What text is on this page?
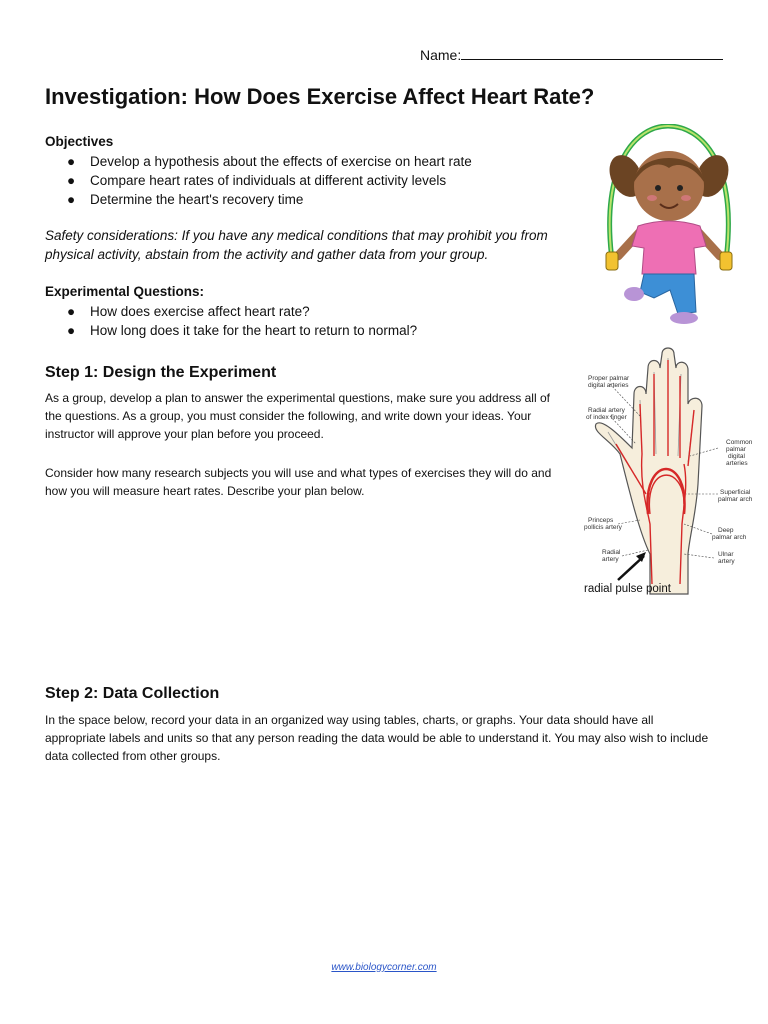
Name:
Investigation: How Does Exercise Affect Heart Rate?

Objectives

● Develop a hypothesis about the effects of exercise on heart rate
● Compare heart rates of individuals at different activity levels
● Determine the heart's recovery time

Safety considerations: If you have any medical conditions that may prohibit you from physical activity, abstain from the activity and gather data from your group.

Experimental Questions:

● How does exercise affect heart rate?
● How long does it take for the heart to return to normal?
Step 1: Design the Experiment

As a group, develop a plan to answer the experimental questions, make sure you address all of the questions. As a group, you must consider the following, and write down your ideas. Your instructor will approve your plan before you proceed.

Consider how many research subjects you will use and what types of exercises they will do and how you will measure heart rates. Describe your plan below.

Step 2: Data Collection

In the space below, record your data in an organized way using tables, charts, or graphs. Your data should have all appropriate labels and units so that any person reading the data would be able to understand it. You may also wish to include data collected from other groups.

Proper palmar
digital arteries
Radial artery
of index finger
Common
palmar
digital
arteries
Superficial
palmar arch
Princeps
pollicis artery	Deep
palmar arch
Radial
artery
Ulnar
artery
radial pulse point
www.biologycorner.com
